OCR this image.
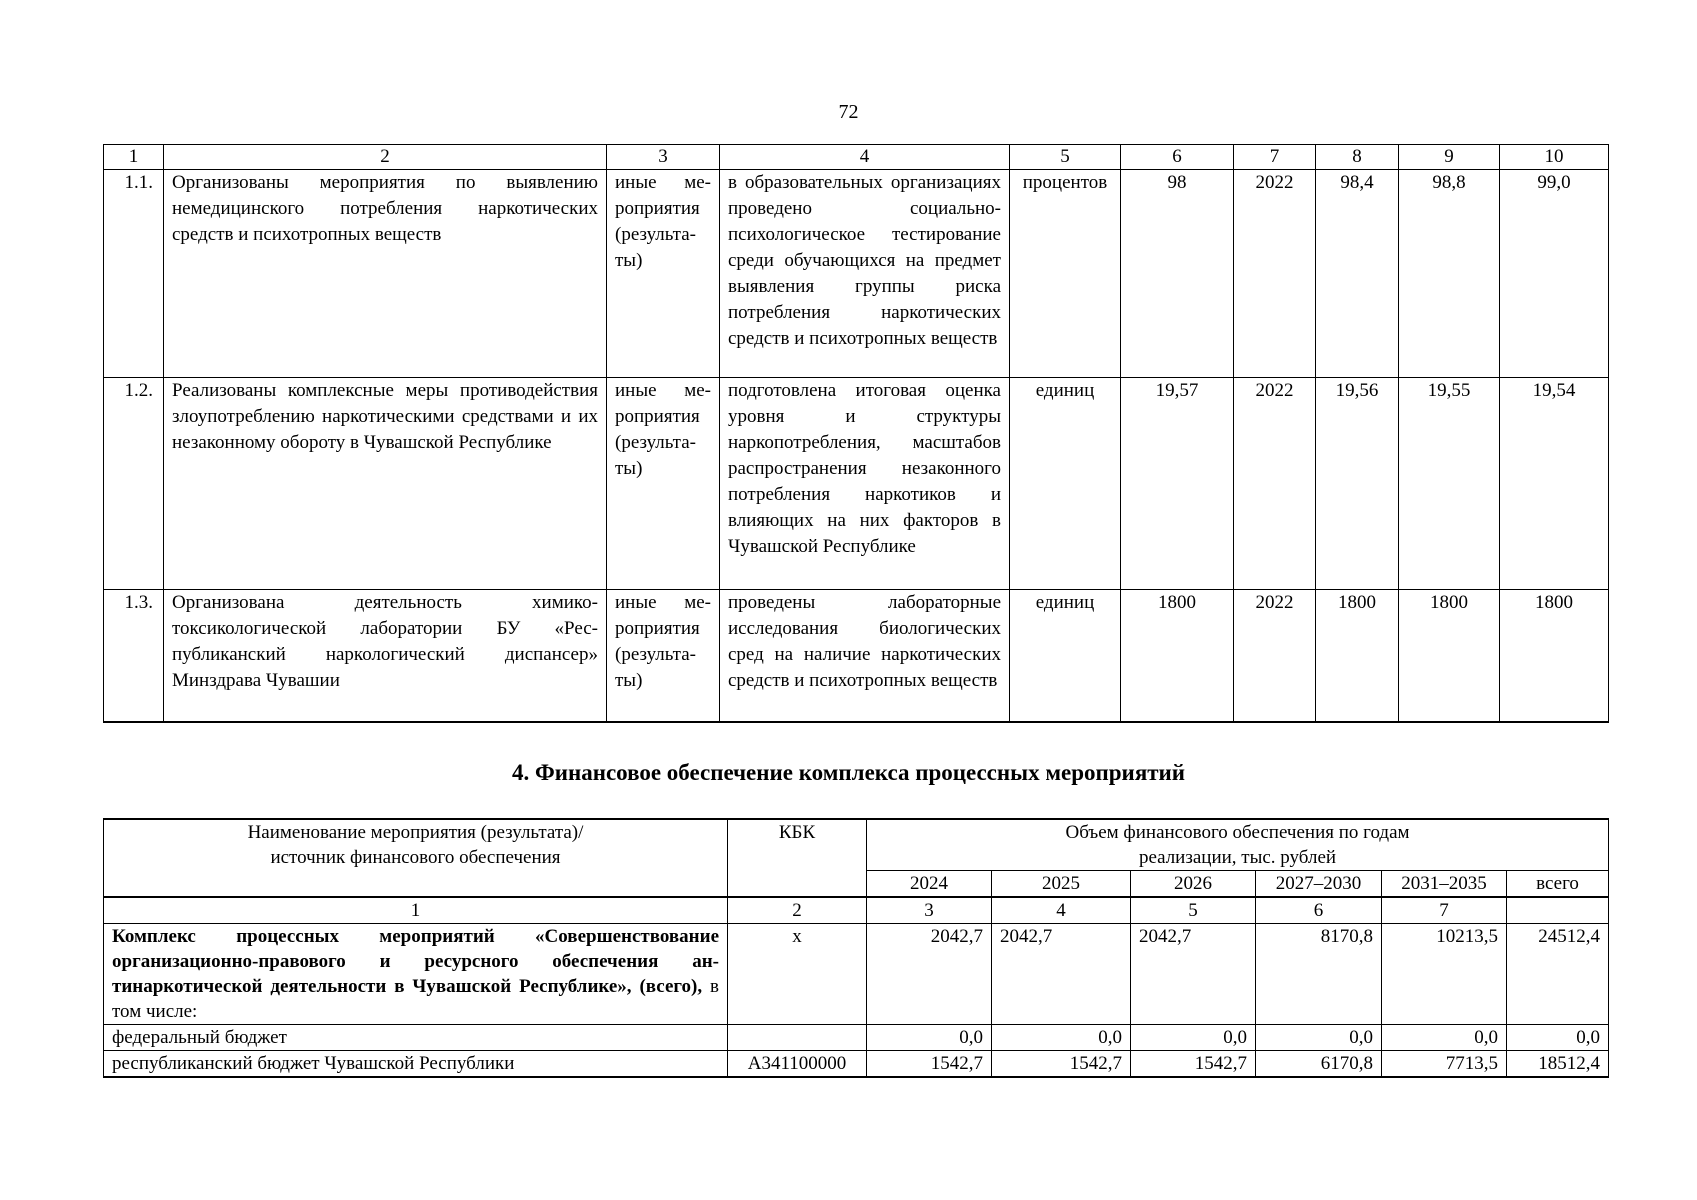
72
1	2	3	4	5	6	7	8	9	10
1.1.	Организованы мероприятия по выявлению немедицинского потребления наркотических средств и психотропных веществ	иные мероприятия (результаты)	в образовательных организациях проведено социально-психологическое тестирование среди обучающихся на предмет выявления группы риска потребления наркотических средств и психотропных веществ	процентов	98	2022	98,4	98,8	99,0
1.2.	Реализованы комплексные меры противодействия злоупотреблению наркотическими средствами и их незаконному обороту в Чувашской Республике	иные мероприятия (результаты)	подготовлена итоговая оценка уровня и структуры наркопотребления, масштабов распространения незаконного потребления наркотиков и влияющих на них факторов в Чувашской Республике	единиц	19,57	2022	19,56	19,55	19,54
1.3.	Организована деятельность химико-токсикологической лаборатории БУ «Республиканский наркологический диспансер» Минздрава Чувашии	иные мероприятия (результаты)	проведены лабораторные исследования биологических сред на наличие наркотических средств и психотропных веществ	единиц	1800	2022	1800	1800	1800
4. Финансовое обеспечение комплекса процессных мероприятий
Наименование мероприятия (результата)/ источник финансового обеспечения	КБК	Объем финансового обеспечения по годам реализации, тыс. рублей					
		2024	2025	2026	2027–2030	2031–2035	всего
1	2	3	4	5	6	7	
Комплекс процессных мероприятий «Совершенствование организационно-правового и ресурсного обеспечения антинаркотической деятельности в Чувашской Республике», (всего), в том числе:	x	2042,7	2042,7	2042,7	8170,8	10213,5	24512,4
федеральный бюджет		0,0	0,0	0,0	0,0	0,0	0,0
республиканский бюджет Чувашской Республики	А341100000	1542,7	1542,7	1542,7	6170,8	7713,5	18512,4
